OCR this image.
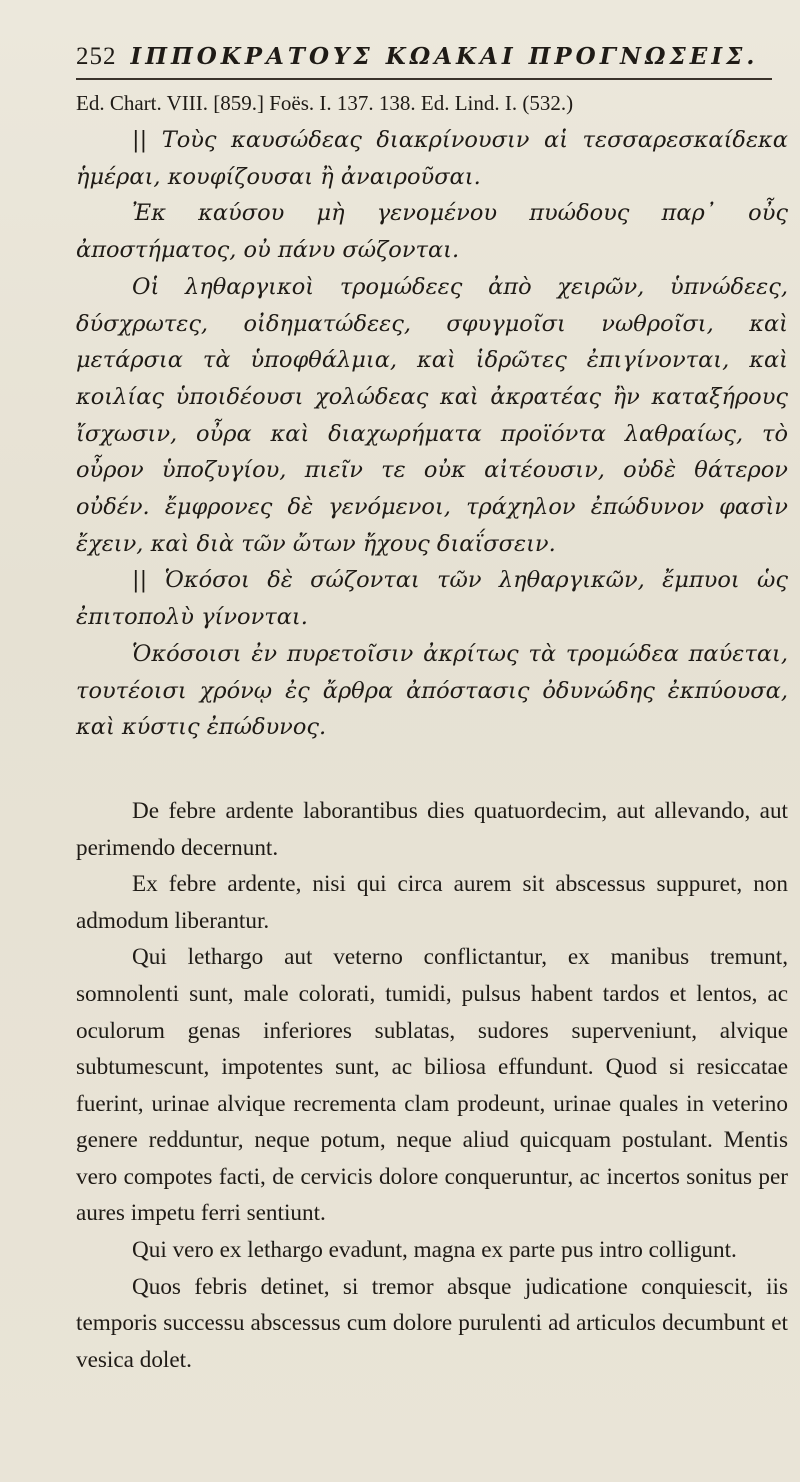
252 ΙΠΠΟΚΡΑΤΟΥΣ ΚΩΑΚΑΙ ΠΡΟΓΝΩΣΕΙΣ.
Ed. Chart. VIII. [859.] Foës. I. 137. 138. Ed. Lind. I. (532.)

|| Τοὺς καυσώδεας διακρίνουσιν αἱ τεσσαρεσκαίδεκα ἡμέραι, κουφίζουσαι ἢ ἀναιροῦσαι.

Ἐκ καύσου μὴ γενομένου πυώδους παρ᾽ οὖς ἀποστήματος, οὐ πάνυ σώζονται.

Οἱ ληθαργικοὶ τρομώδεες ἀπὸ χειρῶν, ὑπνώδεες, δύσχρωτες, οἰδηματώδεες, σφυγμοῖσι νωθροῖσι, καὶ μετάρσια τὰ ὑποφθάλμια, καὶ ἱδρῶτες ἐπιγίνονται, καὶ κοιλίας ὑποιδέουσι χολώδεας καὶ ἀκρατέας ἢν καταξήρους ἴσχωσιν, οὖρα καὶ διαχωρήματα προϊόντα λαθραίως, τὸ οὖρον ὑποζυγίου, πιεῖν τε οὐκ αἰτέουσιν, οὐδὲ θάτερον οὐδέν. ἔμφρονες δὲ γενόμενοι, τράχηλον ἐπώδυνον φασὶν ἔχειν, καὶ διὰ τῶν ὤτων ἤχους διαΐσσειν.

|| Ὁκόσοι δὲ σώζονται τῶν ληθαργικῶν, ἔμπυοι ὡς ἐπιτοπολὺ γίνονται.

Ὁκόσοισι ἐν πυρετοῖσιν ἀκρίτως τὰ τρομώδεα παύεται, τουτέοισι χρόνῳ ἐς ἄρθρα ἀπόστασις ὀδυνώδης ἐκπύουσα, καὶ κύστις ἐπώδυνος.

De febre ardente laborantibus dies quatuordecim, aut allevando, aut perimendo decernunt.

Ex febre ardente, nisi qui circa aurem sit abscessus suppuret, non admodum liberantur.

Qui lethargo aut veterno conflictantur, ex manibus tremunt, somnolenti sunt, male colorati, tumidi, pulsus habent tardos et lentos, ac oculorum genas inferiores sublatas, sudores superveniunt, alvique subtumescunt, impotentes sunt, ac biliosa effundunt. Quod si resiccatae fuerint, urinae alvique recrementa clam prodeunt, urinae quales in veterino genere redduntur, neque potum, neque aliud quicquam postulant. Mentis vero compotes facti, de cervicis dolore conqueruntur, ac incertos sonitus per aures impetu ferri sentiunt.

Qui vero ex lethargo evadunt, magna ex parte pus intro colligunt.

Quos febris detinet, si tremor absque judicatione conquiescit, iis temporis successu abscessus cum dolore purulenti ad articulos decumbunt et vesica dolet.
